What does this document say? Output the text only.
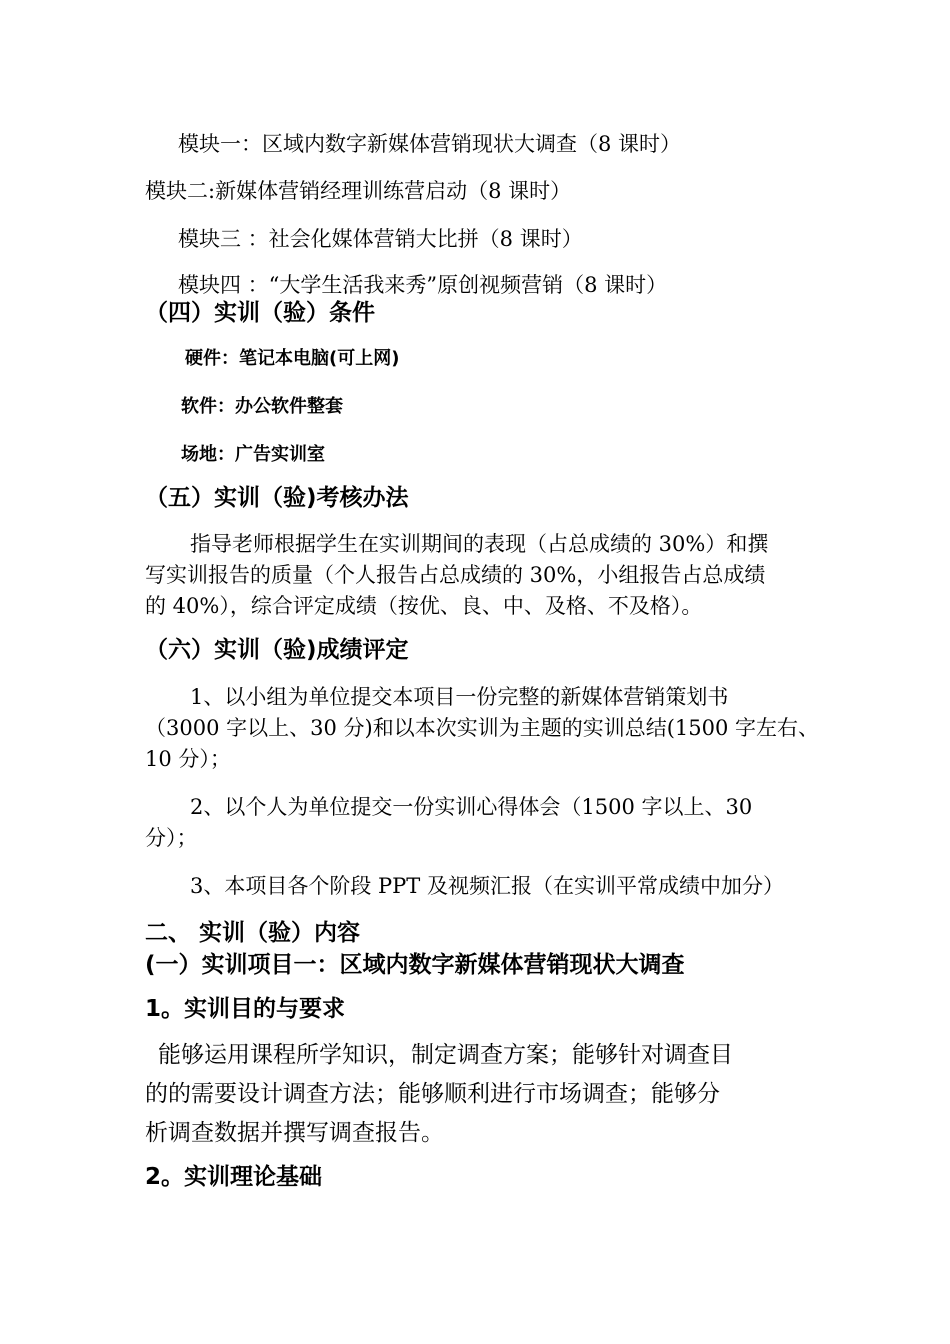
模块一：区域内数字新媒体营销现状大调查（8 课时）
模块二:新媒体营销经理训练营启动（8 课时）
模块三 ：社会化媒体营销大比拼（8 课时）
模块四 ：“大学生活我来秀”原创视频营销（8 课时）
（四）实训（验）条件
硬件：笔记本电脑(可上网)
软件：办公软件整套
场地：广告实训室
（五）实训（验)考核办法
指导老师根据学生在实训期间的表现（占总成绩的 30%）和撰
写实训报告的质量（个人报告占总成绩的 30%，小组报告占总成绩
的 40%），综合评定成绩（按优、良、中、及格、不及格）。
（六）实训（验)成绩评定
1、以小组为单位提交本项目一份完整的新媒体营销策划书
（3000 字以上、30 分)和以本次实训为主题的实训总结(1500 字左右、
10 分）；
2、以个人为单位提交一份实训心得体会（1500 字以上、30
分）；
3、本项目各个阶段 PPT 及视频汇报（在实训平常成绩中加分）
二、 实训（验）内容
(一）实训项目一：区域内数字新媒体营销现状大调查
1。实训目的与要求
能够运用课程所学知识，制定调查方案；能够针对调查目
的的需要设计调查方法；能够顺利进行市场调查；能够分
析调查数据并撰写调查报告。
2。实训理论基础
